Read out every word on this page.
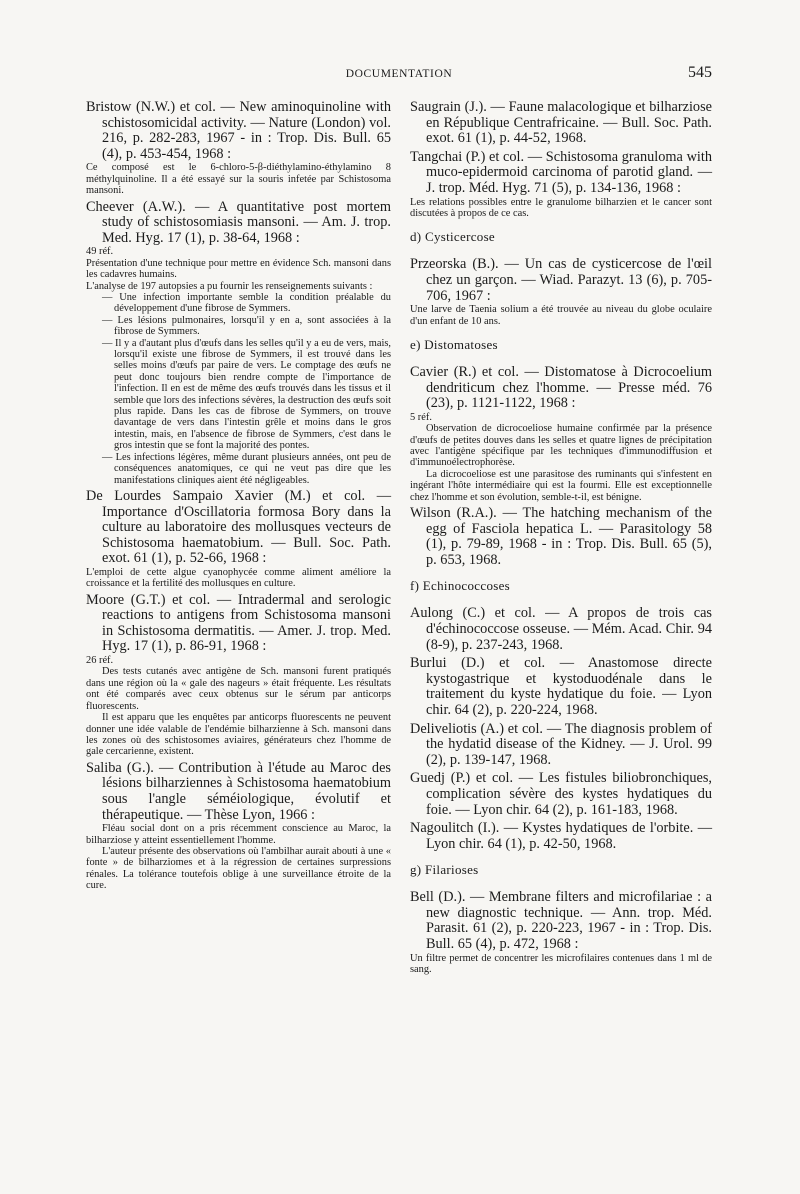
DOCUMENTATION	545

Bristow (N.W.) et col. — New aminoquinoline with schistosomicidal activity. — Nature (London) vol. 216, p. 282-283, 1967 - in : Trop. Dis. Bull. 65 (4), p. 453-454, 1968 :

Ce composé est le 6-chloro-5-β-diéthylamino-éthylamino 8 méthylquinoline. Il a été essayé sur la souris infetée par Schistosoma mansoni.

Cheever (A.W.). — A quantitative post mortem study of schistosomiasis mansoni. — Am. J. trop. Med. Hyg. 17 (1), p. 38-64, 1968 :

49 réf.

Présentation d'une technique pour mettre en évidence Sch. mansoni dans les cadavres humains.

L'analyse de 197 autopsies a pu fournir les renseignements suivants :

— Une infection importante semble la condition préalable du développement d'une fibrose de Symmers.

— Les lésions pulmonaires, lorsqu'il y en a, sont associées à la fibrose de Symmers.

— Il y a d'autant plus d'œufs dans les selles qu'il y a eu de vers, mais, lorsqu'il existe une fibrose de Symmers, il est trouvé dans les selles moins d'œufs par paire de vers. Le comptage des œufs ne peut donc toujours bien rendre compte de l'importance de l'infection. Il en est de même des œufs trouvés dans les tissus et il semble que lors des infections sévères, la destruction des œufs soit plus rapide. Dans les cas de fibrose de Symmers, on trouve davantage de vers dans l'intestin grêle et moins dans le gros intestin, mais, en l'absence de fibrose de Symmers, c'est dans le gros intestin que se font la majorité des pontes.

— Les infections légères, même durant plusieurs années, ont peu de conséquences anatomiques, ce qui ne veut pas dire que les manifestations cliniques aient été négligeables.

De Lourdes Sampaio Xavier (M.) et col. — Importance d'Oscillatoria formosa Bory dans la culture au laboratoire des mollusques vecteurs de Schistosoma haematobium. — Bull. Soc. Path. exot. 61 (1), p. 52-66, 1968 :

L'emploi de cette algue cyanophycée comme aliment améliore la croissance et la fertilité des mollusques en culture.

Moore (G.T.) et col. — Intradermal and serologic reactions to antigens from Schistosoma mansoni in Schistosoma dermatitis. — Amer. J. trop. Med. Hyg. 17 (1), p. 86-91, 1968 :

26 réf.

Des tests cutanés avec antigène de Sch. mansoni furent pratiqués dans une région où la « gale des nageurs » était fréquente. Les résultats ont été comparés avec ceux obtenus sur le sérum par anticorps fluorescents.

Il est apparu que les enquêtes par anticorps fluorescents ne peuvent donner une idée valable de l'endémie bilharzienne à Sch. mansoni dans les zones où des schistosomes aviaires, générateurs chez l'homme de gale cercarienne, existent.

Saliba (G.). — Contribution à l'étude au Maroc des lésions bilharziennes à Schistosoma haematobium sous l'angle séméiologique, évolutif et thérapeutique. — Thèse Lyon, 1966 :

Fléau social dont on a pris récemment conscience au Maroc, la bilharziose y atteint essentiellement l'homme.

L'auteur présente des observations où l'ambilhar aurait abouti à une « fonte » de bilharziomes et à la régression de certaines surpressions rénales. La tolérance toutefois oblige à une surveillance étroite de la cure.

Saugrain (J.). — Faune malacologique et bilharziose en République Centrafricaine. — Bull. Soc. Path. exot. 61 (1), p. 44-52, 1968.

Tangchai (P.) et col. — Schistosoma granuloma with muco-epidermoid carcinoma of parotid gland. — J. trop. Méd. Hyg. 71 (5), p. 134-136, 1968 :

Les relations possibles entre le granulome bilharzien et le cancer sont discutées à propos de ce cas.

d) Cysticercose

Przeorska (B.). — Un cas de cysticercose de l'œil chez un garçon. — Wiad. Parazyt. 13 (6), p. 705-706, 1967 :

Une larve de Taenia solium a été trouvée au niveau du globe oculaire d'un enfant de 10 ans.

e) Distomatoses

Cavier (R.) et col. — Distomatose à Dicrocoelium dendriticum chez l'homme. — Presse méd. 76 (23), p. 1121-1122, 1968 :

5 réf.

Observation de dicrocoeliose humaine confirmée par la présence d'œufs de petites douves dans les selles et quatre lignes de précipitation avec l'antigène spécifique par les techniques d'immunodiffusion et d'immunoélectrophorèse.

La dicrocoeliose est une parasitose des ruminants qui s'infestent en ingérant l'hôte intermédiaire qui est la fourmi. Elle est exceptionnelle chez l'homme et son évolution, semble-t-il, est bénigne.

Wilson (R.A.). — The hatching mechanism of the egg of Fasciola hepatica L. — Parasitology 58 (1), p. 79-89, 1968 - in : Trop. Dis. Bull. 65 (5), p. 653, 1968.

f) Echinococcoses

Aulong (C.) et col. — A propos de trois cas d'échinococcose osseuse. — Mém. Acad. Chir. 94 (8-9), p. 237-243, 1968.

Burlui (D.) et col. — Anastomose directe kystogastrique et kystoduodénale dans le traitement du kyste hydatique du foie. — Lyon chir. 64 (2), p. 220-224, 1968.

Deliveliotis (A.) et col. — The diagnosis problem of the hydatid disease of the Kidney. — J. Urol. 99 (2), p. 139-147, 1968.

Guedj (P.) et col. — Les fistules biliobronchiques, complication sévère des kystes hydatiques du foie. — Lyon chir. 64 (2), p. 161-183, 1968.

Nagoulitch (I.). — Kystes hydatiques de l'orbite. — Lyon chir. 64 (1), p. 42-50, 1968.

g) Filarioses

Bell (D.). — Membrane filters and microfilariae : a new diagnostic technique. — Ann. trop. Méd. Parasit. 61 (2), p. 220-223, 1967 - in : Trop. Dis. Bull. 65 (4), p. 472, 1968 :

Un filtre permet de concentrer les microfilaires contenues dans 1 ml de sang.
